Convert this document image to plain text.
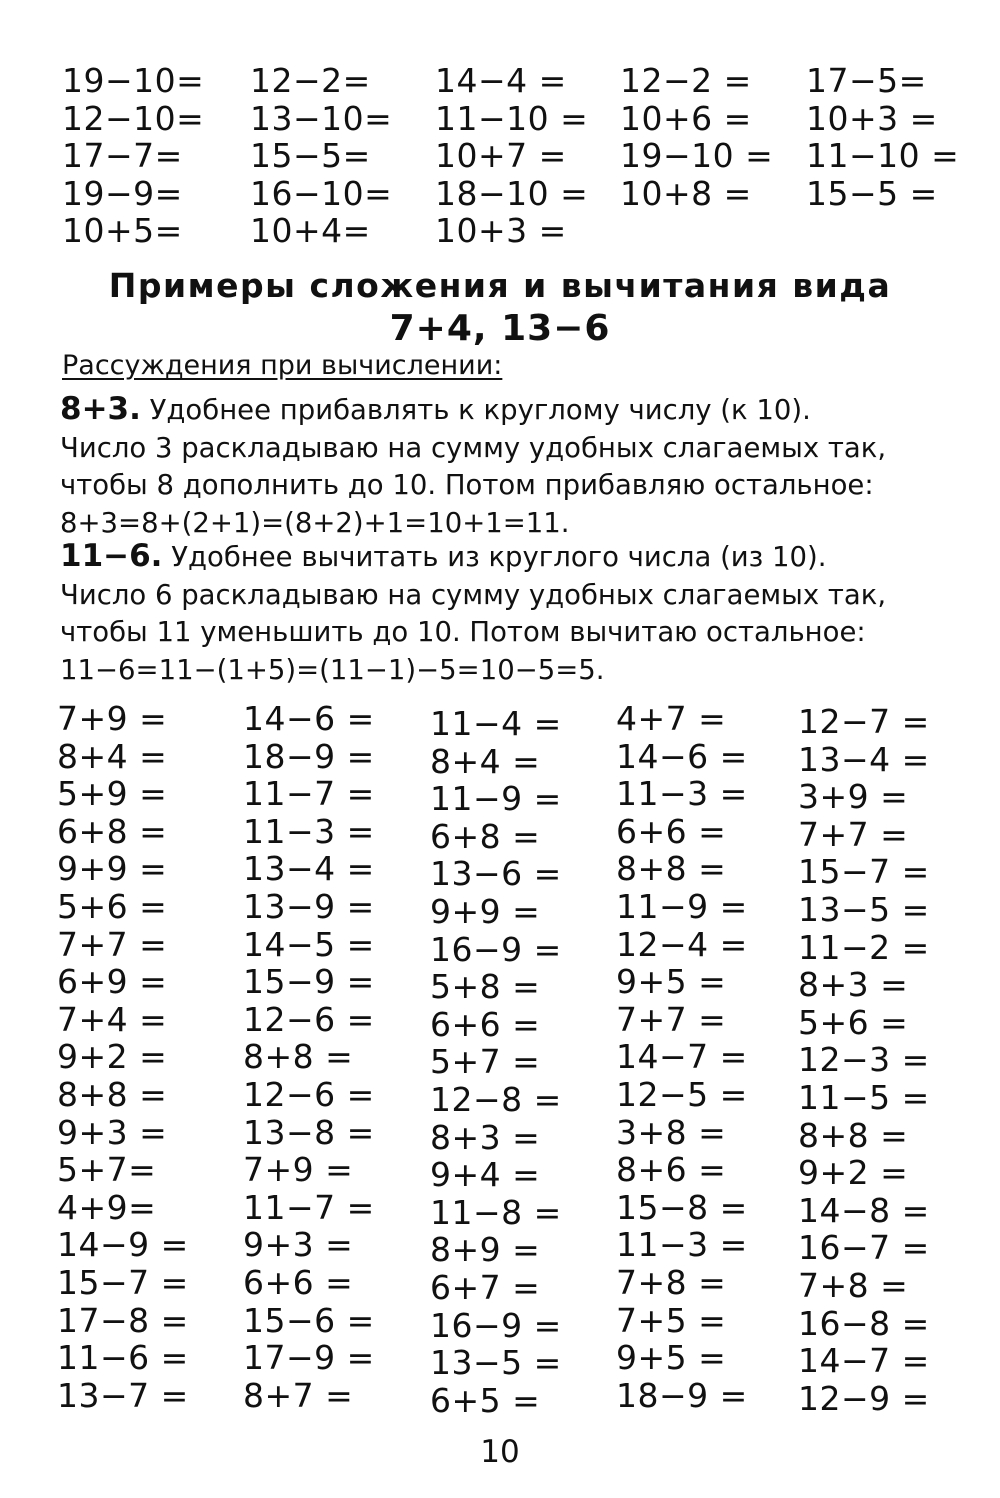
19−10=
12−10=
17−7=
19−9=
10+5=
12−2=
13−10=
15−5=
16−10=
10+4=
14−4 =
11−10 =
10+7 =
18−10 =
10+3 =
12−2 =
10+6 =
19−10 =
10+8 =
17−5=
10+3 =
11−10 =
15−5 =
Примеры сложения и вычитания вида
7+4, 13−6
Рассуждения при вычислении:
8+3. Удобнее прибавлять к круглому числу (к 10).
Число 3 раскладываю на сумму удобных слагаемых так,
чтобы 8 дополнить до 10. Потом прибавляю остальное:
8+3=8+(2+1)=(8+2)+1=10+1=11.
11−6. Удобнее вычитать из круглого числа (из 10).
Число 6 раскладываю на сумму удобных слагаемых так,
чтобы 11 уменьшить до 10. Потом вычитаю остальное:
11−6=11−(1+5)=(11−1)−5=10−5=5.
7+9 =
8+4 =
5+9 =
6+8 =
9+9 =
5+6 =
7+7 =
6+9 =
7+4 =
9+2 =
8+8 =
9+3 =
5+7=
4+9=
14−9 =
15−7 =
17−8 =
11−6 =
13−7 =
14−6 =
18−9 =
11−7 =
11−3 =
13−4 =
13−9 =
14−5 =
15−9 =
12−6 =
8+8 =
12−6 =
13−8 =
7+9 =
11−7 =
9+3 =
6+6 =
15−6 =
17−9 =
8+7 =
11−4 =
8+4 =
11−9 =
6+8 =
13−6 =
9+9 =
16−9 =
5+8 =
6+6 =
5+7 =
12−8 =
8+3 =
9+4 =
11−8 =
8+9 =
6+7 =
16−9 =
13−5 =
6+5 =
4+7 =
14−6 =
11−3 =
6+6 =
8+8 =
11−9 =
12−4 =
9+5 =
7+7 =
14−7 =
12−5 =
3+8 =
8+6 =
15−8 =
11−3 =
7+8 =
7+5 =
9+5 =
18−9 =
12−7 =
13−4 =
3+9 =
7+7 =
15−7 =
13−5 =
11−2 =
8+3 =
5+6 =
12−3 =
11−5 =
8+8 =
9+2 =
14−8 =
16−7 =
7+8 =
16−8 =
14−7 =
12−9 =
10
